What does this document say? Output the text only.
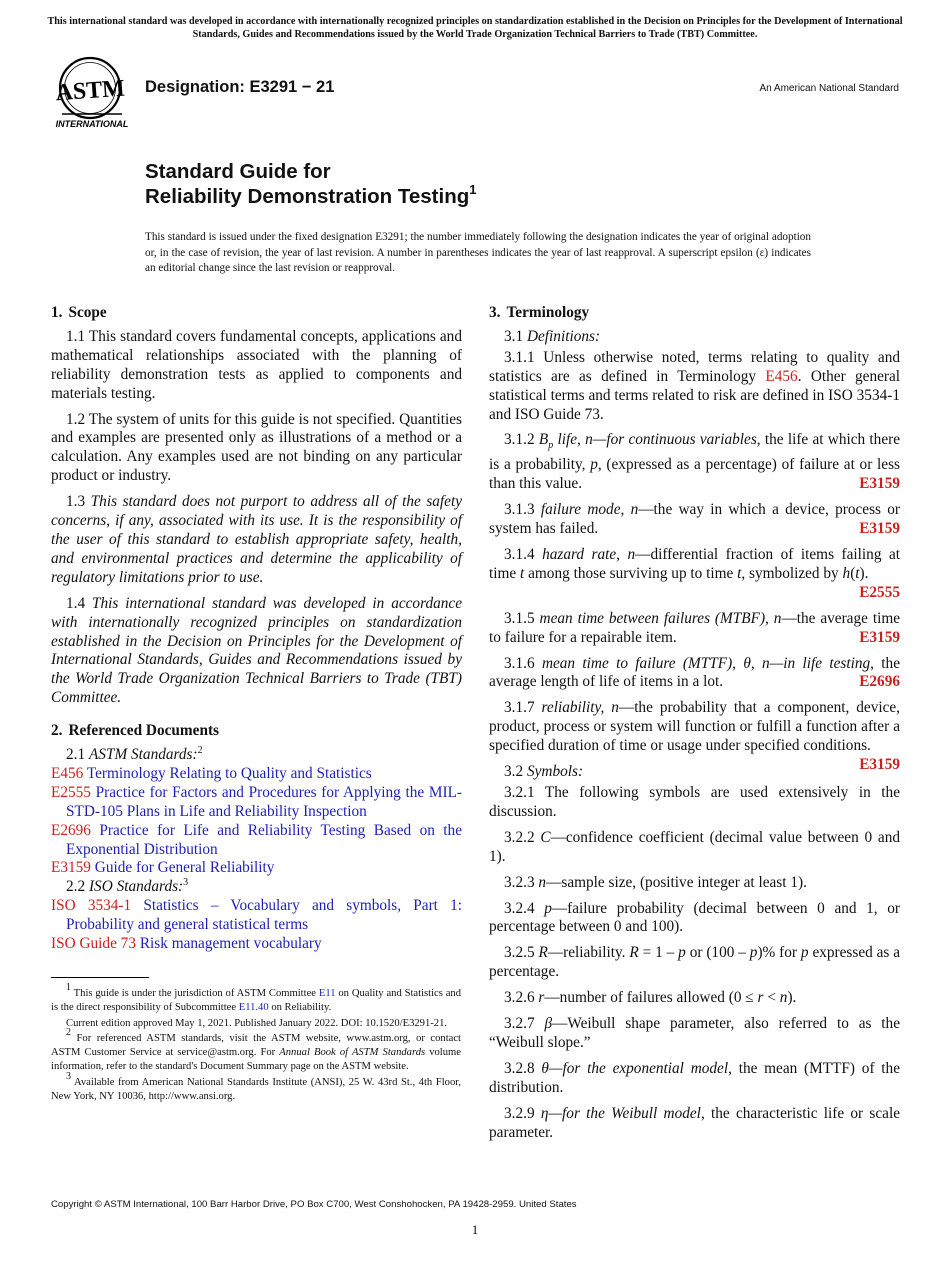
This international standard was developed in accordance with internationally recognized principles on standardization established in the Decision on Principles for the Development of International Standards, Guides and Recommendations issued by the World Trade Organization Technical Barriers to Trade (TBT) Committee.
ASTM
INTERNATIONAL
Designation: E3291 − 21	An American National Standard
Standard Guide for
Reliability Demonstration Testing$^1$
This standard is issued under the fixed designation E3291; the number immediately following the designation indicates the year of original adoption or, in the case of revision, the year of last revision. A number in parentheses indicates the year of last reapproval. A superscript epsilon (ε) indicates an editorial change since the last revision or reapproval.
1. Scope

1.1 This standard covers fundamental concepts, applications and mathematical relationships associated with the planning of reliability demonstration tests as applied to components and materials testing.

1.2 The system of units for this guide is not specified. Quantities and examples are presented only as illustrations of a method or a calculation. Any examples used are not binding on any particular product or industry.

1.3 This standard does not purport to address all of the safety concerns, if any, associated with its use. It is the responsibility of the user of this standard to establish appropriate safety, health, and environmental practices and determine the applicability of regulatory limitations prior to use.

1.4 This international standard was developed in accordance with internationally recognized principles on standardization established in the Decision on Principles for the Development of International Standards, Guides and Recommendations issued by the World Trade Organization Technical Barriers to Trade (TBT) Committee.

2. Referenced Documents

2.1 ASTM Standards:$^2$

E456 Terminology Relating to Quality and Statistics

E2555 Practice for Factors and Procedures for Applying the MIL-STD-105 Plans in Life and Reliability Inspection

E2696 Practice for Life and Reliability Testing Based on the Exponential Distribution

E3159 Guide for General Reliability

2.2 ISO Standards:$^3$

ISO 3534-1 Statistics – Vocabulary and symbols, Part 1: Probability and general statistical terms

ISO Guide 73 Risk management vocabulary

$^1$ This guide is under the jurisdiction of ASTM Committee E11 on Quality and Statistics and is the direct responsibility of Subcommittee E11.40 on Reliability.

Current edition approved May 1, 2021. Published January 2022. DOI: 10.1520/E3291-21.

$^2$ For referenced ASTM standards, visit the ASTM website, www.astm.org, or contact ASTM Customer Service at service@astm.org. For Annual Book of ASTM Standards volume information, refer to the standard's Document Summary page on the ASTM website.

$^3$ Available from American National Standards Institute (ANSI), 25 W. 43rd St., 4th Floor, New York, NY 10036, http://www.ansi.org.

3. Terminology

3.1 Definitions:

3.1.1 Unless otherwise noted, terms relating to quality and statistics are as defined in Terminology E456. Other general statistical terms and terms related to risk are defined in ISO 3534-1 and ISO Guide 73.

3.1.2 $B_p$ life, n—for continuous variables, the life at which there is a probability, p, (expressed as a percentage) of failure at or less than this value.	E3159

3.1.3 failure mode, n—the way in which a device, process or system has failed.	E3159

3.1.4 hazard rate, n—differential fraction of items failing at time t among those surviving up to time t, symbolized by h(t).

E2555

3.1.5 mean time between failures (MTBF), n—the average time to failure for a repairable item.	E3159

3.1.6 mean time to failure (MTTF), θ, n—in life testing, the average length of life of items in a lot.	E2696

3.1.7 reliability, n—the probability that a component, device, product, process or system will function or fulfill a function after a specified duration of time or usage under specified conditions.
E3159

3.2 Symbols:

3.2.1 The following symbols are used extensively in the discussion.

3.2.2 C—confidence coefficient (decimal value between 0 and 1).

3.2.3 n—sample size, (positive integer at least 1).

3.2.4 p—failure probability (decimal between 0 and 1, or percentage between 0 and 100).

3.2.5 R—reliability. R = 1 – p or (100 – p)% for p expressed as a percentage.

3.2.6 r—number of failures allowed (0 ≤ r < n).

3.2.7 β—Weibull shape parameter, also referred to as the “Weibull slope.”

3.2.8 θ—for the exponential model, the mean (MTTF) of the distribution.

3.2.9 η—for the Weibull model, the characteristic life or scale parameter.

Copyright © ASTM International, 100 Barr Harbor Drive, PO Box C700, West Conshohocken, PA 19428-2959. United States
1
